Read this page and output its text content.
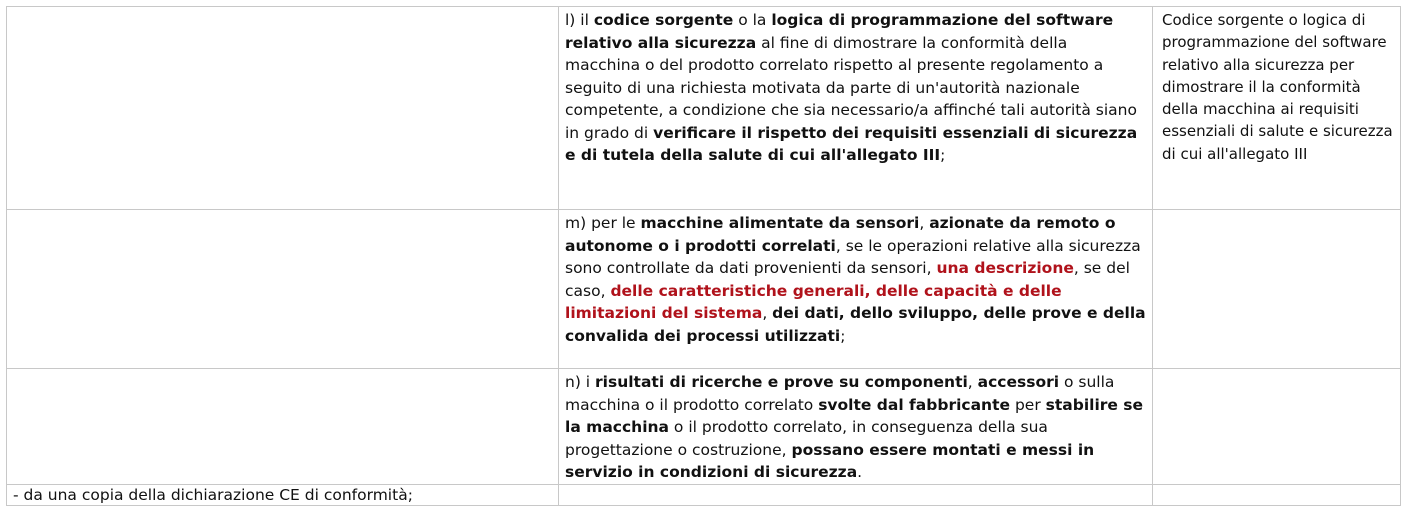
	l) il codice sorgente o la logica di programmazione del software relativo alla sicurezza al fine di dimostrare la conformità della macchina o del prodotto correlato rispetto al presente regolamento a seguito di una richiesta motivata da parte di un'autorità nazionale competente, a condizione che sia necessario/a affinché tali autorità siano in grado di verificare il rispetto dei requisiti essenziali di sicurezza e di tutela della salute di cui all'allegato III;	Codice sorgente o logica di programmazione del software relativo alla sicurezza per dimostrare il la conformità della macchina ai requisiti essenziali di salute e sicurezza di cui all'allegato III
	m) per le macchine alimentate da sensori, azionate da remoto o autonome o i prodotti correlati, se le operazioni relative alla sicurezza sono controllate da dati provenienti da sensori, una descrizione, se del caso, delle caratteristiche generali, delle capacità e delle limitazioni del sistema, dei dati, dello sviluppo, delle prove e della convalida dei processi utilizzati;	
	n) i risultati di ricerche e prove su componenti, accessori o sulla macchina o il prodotto correlato svolte dal fabbricante per stabilire se la macchina o il prodotto correlato, in conseguenza della sua progettazione o costruzione, possano essere montati e messi in servizio in condizioni di sicurezza.	
- da una copia della dichiarazione CE di conformità;		
